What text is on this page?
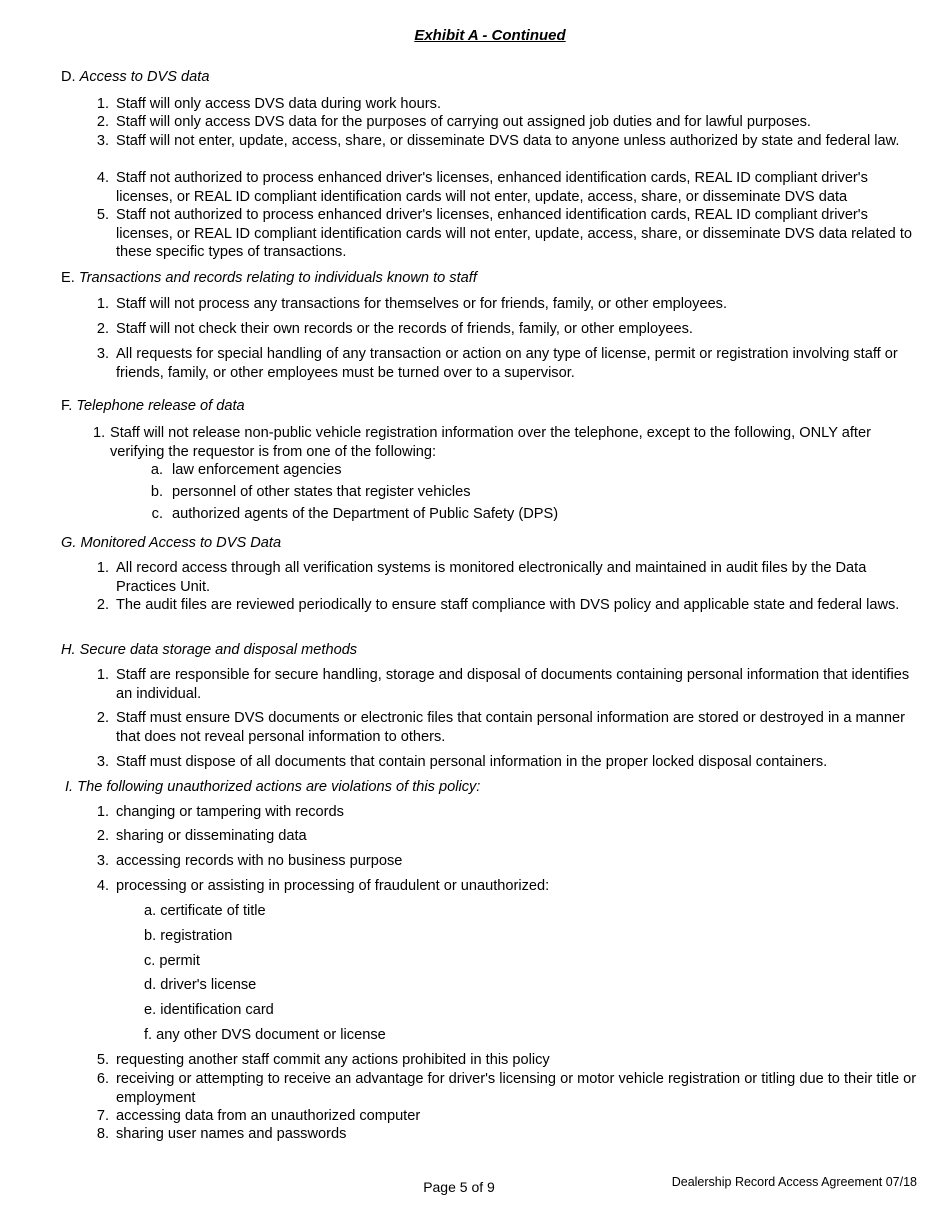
Exhibit A - Continued
D. Access to DVS data
1. Staff will only access DVS data during work hours.
2. Staff will only access DVS data for the purposes of carrying out assigned job duties and for lawful purposes.
3. Staff will not enter, update, access, share, or disseminate DVS data to anyone unless authorized by state and federal law.
4. Staff not authorized to process enhanced driver's licenses, enhanced identification cards, REAL ID compliant driver's licenses, or REAL ID compliant identification cards will not enter, update, access, share, or disseminate DVS data
5. Staff not authorized to process enhanced driver's licenses, enhanced identification cards, REAL ID compliant driver's licenses, or REAL ID compliant identification cards will not enter, update, access, share, or disseminate DVS data related to these specific types of transactions.
E. Transactions and records relating to individuals known to staff
1. Staff will not process any transactions for themselves or for friends, family, or other employees.
2. Staff will not check their own records or the records of friends, family, or other employees.
3. All requests for special handling of any transaction or action on any type of license, permit or registration involving staff or friends, family, or other employees must be turned over to a supervisor.
F. Telephone release of data
1. Staff will not release non-public vehicle registration information over the telephone, except to the following, ONLY after verifying the requestor is from one of the following:
a. law enforcement agencies
b. personnel of other states that register vehicles
c. authorized agents of the Department of Public Safety (DPS)
G. Monitored Access to DVS Data
1. All record access through all verification systems is monitored electronically and maintained in audit files by the Data Practices Unit.
2. The audit files are reviewed periodically to ensure staff compliance with DVS policy and applicable state and federal laws.
H. Secure data storage and disposal methods
1. Staff are responsible for secure handling, storage and disposal of documents containing personal information that identifies an individual.
2. Staff must ensure DVS documents or electronic files that contain personal information are stored or destroyed in a manner that does not reveal personal information to others.
3. Staff must dispose of all documents that contain personal information in the proper locked disposal containers.
I. The following unauthorized actions are violations of this policy:
1. changing or tampering with records
2. sharing or disseminating data
3. accessing records with no business purpose
4. processing or assisting in processing of fraudulent or unauthorized:
a. certificate of title
b. registration
c. permit
d. driver's license
e. identification card
f. any other DVS document or license
5. requesting another staff commit any actions prohibited in this policy
6. receiving or attempting to receive an advantage for driver's licensing or motor vehicle registration or titling due to their title or employment
7. accessing data from an unauthorized computer
8. sharing user names and passwords
Page 5 of 9	Dealership Record Access Agreement 07/18
